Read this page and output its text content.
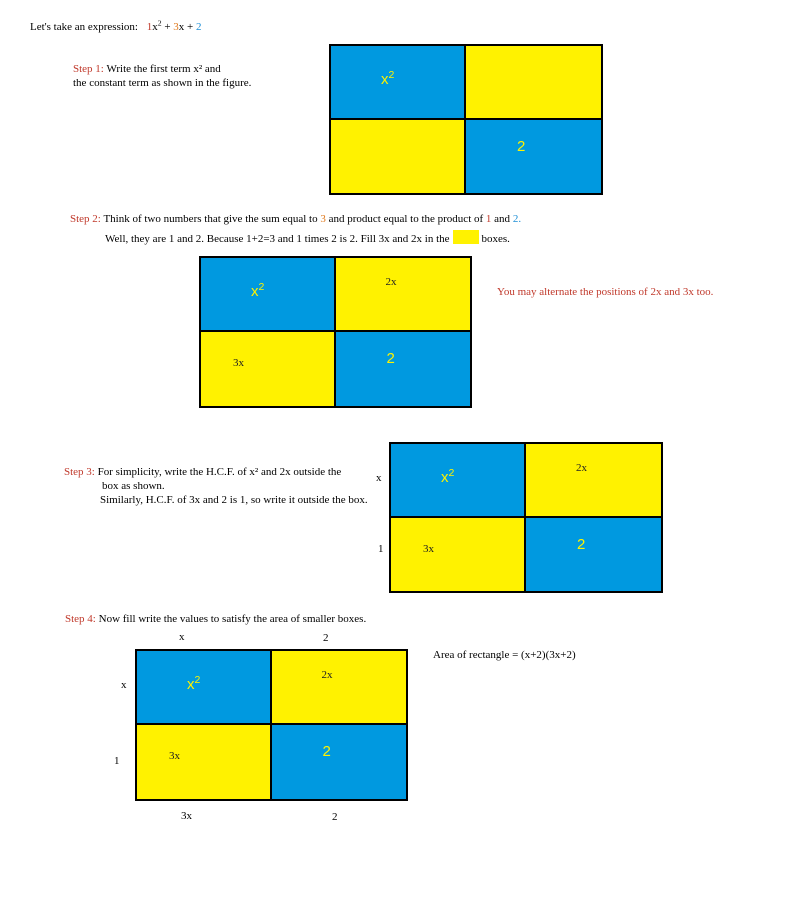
Let's take an expression: $1x^2 + 3x + 2$
Step 1: Write the first term x² and
the constant term as shown in the figure.	$x^2$
2
Step 2: Think of two numbers that give the sum equal to 3 and product equal to the product of 1 and 2.
Well, they are 1 and 2. Because 1+2=3 and 1 times 2 is 2. Fill 3x and 2x in the	boxes.
You may alternate the positions of 2x and 3x too.
$x^2$	2x
3x	2
Step 3: For simplicity, write the H.C.F. of x² and 2x outside the
box as shown.
Similarly, H.C.F. of 3x and 2 is 1, so write it outside the box.
x
1
$x^2$	2x
3x	2
Step 4: Now fill write the values to satisfy the area of smaller boxes.
x	2
x
1
3x	2
Area of rectangle = (x+2)(3x+2)
$x^2$	2x
3x	2
